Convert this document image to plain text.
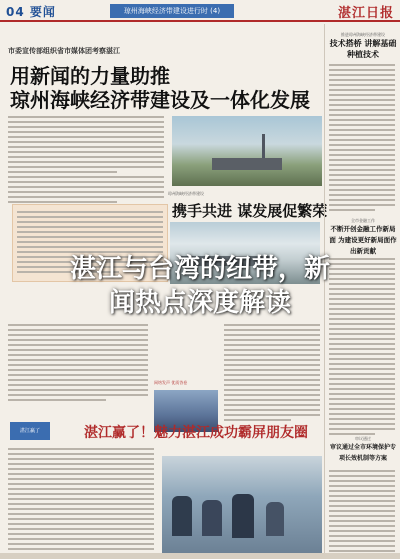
04 要闻	琼州海峡经济带建设进行时 (4)	湛江日报
市委宣传部组织省市媒体团考察湛江
用新闻的力量助推
琼州海峡经济带建设及一体化发展
琼州海峡经济带建设
携手共进 谋发展促繁荣
网络发声 优质答卷
湛江赢了	湛江赢了！魅力湛江成功霸屏朋友圈
推进琼州海峡经济带建设
技术搭桥 讲解基础种植技术
全市金融工作
不断开创金融工作新局面 为建设更好新局面作出新贡献
审议通过
审议通过全市环境保护专项长效机制等方案
湛江与台湾的纽带，新
闻热点深度解读
